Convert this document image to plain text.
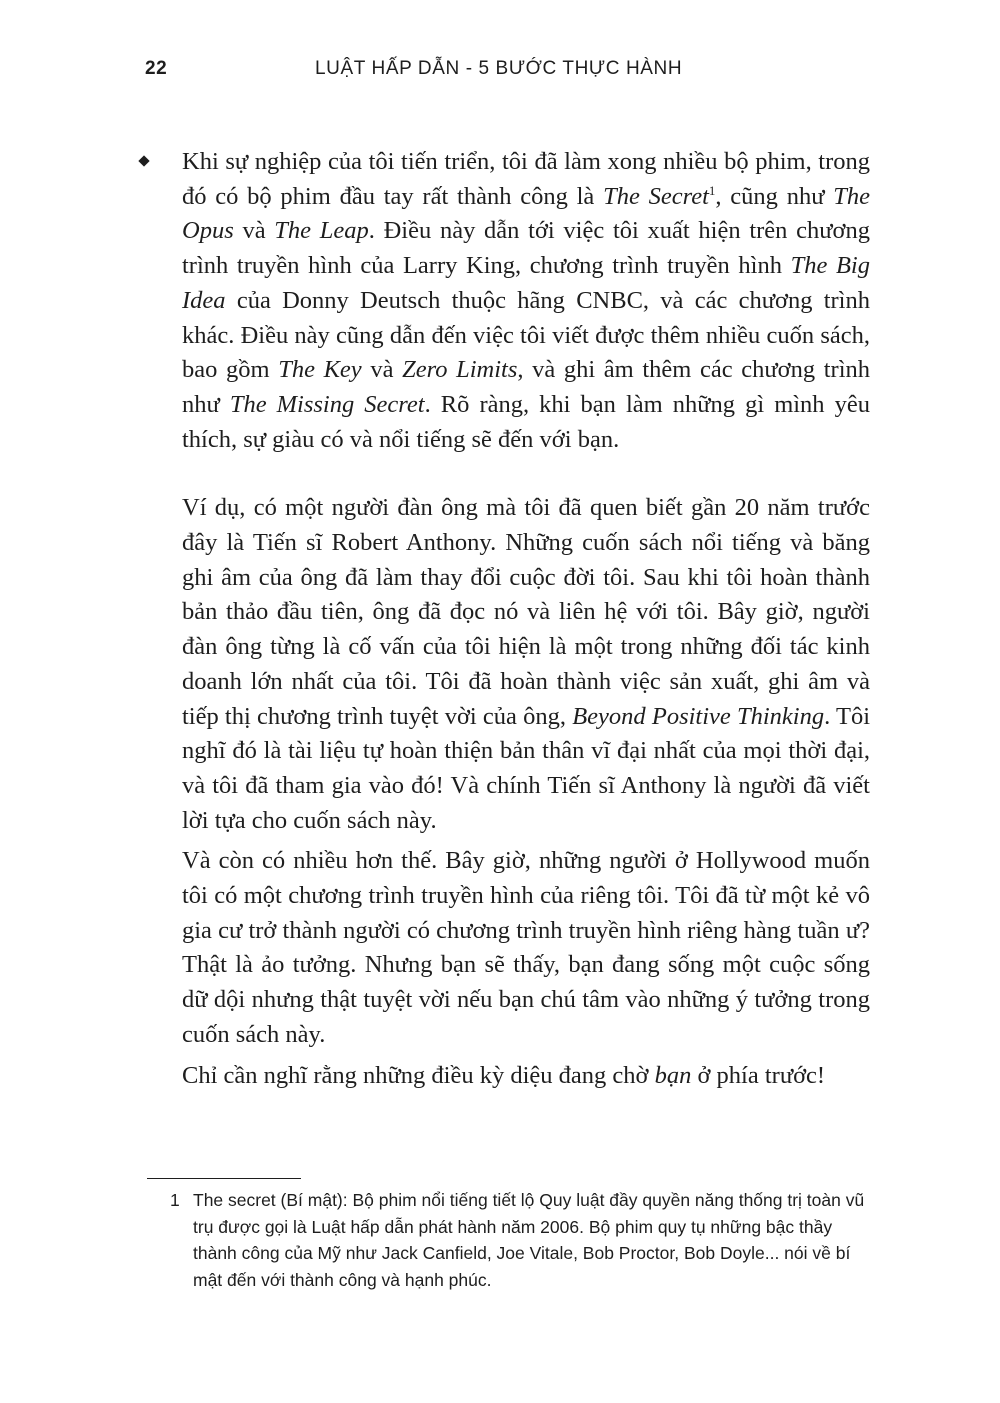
22	LUẬT HẤP DẪN - 5 BƯỚC THỰC HÀNH

Khi sự nghiệp của tôi tiến triển, tôi đã làm xong nhiều bộ phim, trong đó có bộ phim đầu tay rất thành công là The Secret$^1$, cũng như The Opus và The Leap. Điều này dẫn tới việc tôi xuất hiện trên chương trình truyền hình của Larry King, chương trình truyền hình The Big Idea của Donny Deutsch thuộc hãng CNBC, và các chương trình khác. Điều này cũng dẫn đến việc tôi viết được thêm nhiều cuốn sách, bao gồm The Key và Zero Limits, và ghi âm thêm các chương trình như The Missing Secret. Rõ ràng, khi bạn làm những gì mình yêu thích, sự giàu có và nổi tiếng sẽ đến với bạn.

Ví dụ, có một người đàn ông mà tôi đã quen biết gần 20 năm trước đây là Tiến sĩ Robert Anthony. Những cuốn sách nổi tiếng và băng ghi âm của ông đã làm thay đổi cuộc đời tôi. Sau khi tôi hoàn thành bản thảo đầu tiên, ông đã đọc nó và liên hệ với tôi. Bây giờ, người đàn ông từng là cố vấn của tôi hiện là một trong những đối tác kinh doanh lớn nhất của tôi. Tôi đã hoàn thành việc sản xuất, ghi âm và tiếp thị chương trình tuyệt vời của ông, Beyond Positive Thinking. Tôi nghĩ đó là tài liệu tự hoàn thiện bản thân vĩ đại nhất của mọi thời đại, và tôi đã tham gia vào đó! Và chính Tiến sĩ Anthony là người đã viết lời tựa cho cuốn sách này.

Và còn có nhiều hơn thế. Bây giờ, những người ở Hollywood muốn tôi có một chương trình truyền hình của riêng tôi. Tôi đã từ một kẻ vô gia cư trở thành người có chương trình truyền hình riêng hàng tuần ư? Thật là ảo tưởng. Nhưng bạn sẽ thấy, bạn đang sống một cuộc sống dữ dội nhưng thật tuyệt vời nếu bạn chú tâm vào những ý tưởng trong cuốn sách này.

Chỉ cần nghĩ rằng những điều kỳ diệu đang chờ bạn ở phía trước!

1 The secret (Bí mật): Bộ phim nổi tiếng tiết lộ Quy luật đầy quyền năng thống trị toàn vũ trụ được gọi là Luật hấp dẫn phát hành năm 2006. Bộ phim quy tụ những bậc thầy thành công của Mỹ như Jack Canfield, Joe Vitale, Bob Proctor, Bob Doyle... nói về bí mật đến với thành công và hạnh phúc.
